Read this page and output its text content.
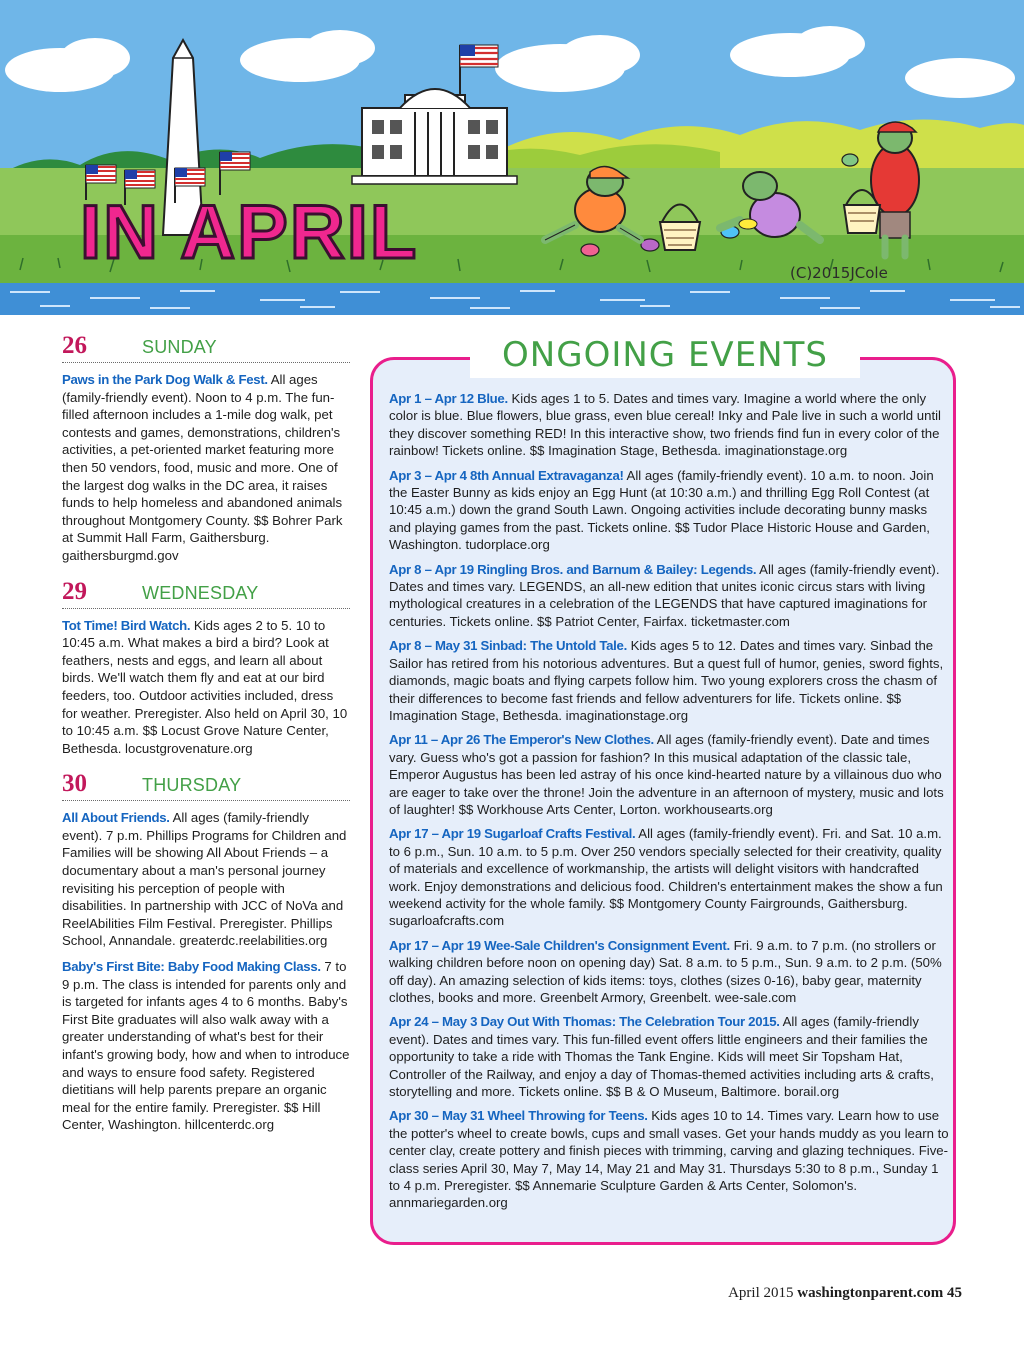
IN APRIL	(C)2015JCole
26	SUNDAY

Paws in the Park Dog Walk & Fest. All ages (family-friendly event). Noon to 4 p.m. The fun-filled afternoon includes a 1-mile dog walk, pet contests and games, demonstrations, children's activities, a pet-oriented market featuring more then 50 vendors, food, music and more. One of the largest dog walks in the DC area, it raises funds to help homeless and abandoned animals throughout Montgomery County. $$ Bohrer Park at Summit Hall Farm, Gaithersburg. gaithersburgmd.gov

29	WEDNESDAY

Tot Time! Bird Watch. Kids ages 2 to 5. 10 to 10:45 a.m. What makes a bird a bird? Look at feathers, nests and eggs, and learn all about birds. We'll watch them fly and eat at our bird feeders, too. Outdoor activities included, dress for weather. Preregister. Also held on April 30, 10 to 10:45 a.m. $$ Locust Grove Nature Center, Bethesda. locustgrovenature.org

30	THURSDAY

All About Friends. All ages (family-friendly event). 7 p.m. Phillips Programs for Children and Families will be showing All About Friends – a documentary about a man's personal journey revisiting his perception of people with disabilities. In partnership with JCC of NoVa and ReelAbilities Film Festival. Preregister. Phillips School, Annandale. greaterdc.reelabilities.org

Baby's First Bite: Baby Food Making Class. 7 to 9 p.m. The class is intended for parents only and is targeted for infants ages 4 to 6 months. Baby's First Bite graduates will also walk away with a greater understanding of what's best for their infant's growing body, how and when to introduce and ways to ensure food safety. Registered dietitians will help parents prepare an organic meal for the entire family. Preregister. $$ Hill Center, Washington. hillcenterdc.org

ONGOING EVENTS

Apr 1 – Apr 12 Blue. Kids ages 1 to 5. Dates and times vary. Imagine a world where the only color is blue. Blue flowers, blue grass, even blue cereal! Inky and Pale live in such a world until they discover something RED! In this interactive show, two friends find fun in every color of the rainbow! Tickets online. $$ Imagination Stage, Bethesda. imaginationstage.org

Apr 3 – Apr 4 8th Annual Extravaganza! All ages (family-friendly event). 10 a.m. to noon. Join the Easter Bunny as kids enjoy an Egg Hunt (at 10:30 a.m.) and thrilling Egg Roll Contest (at 10:45 a.m.) down the grand South Lawn. Ongoing activities include decorating bunny masks and playing games from the past. Tickets online. $$ Tudor Place Historic House and Garden, Washington. tudorplace.org

Apr 8 – Apr 19 Ringling Bros. and Barnum & Bailey: Legends. All ages (family-friendly event). Dates and times vary. LEGENDS, an all-new edition that unites iconic circus stars with living mythological creatures in a celebration of the LEGENDS that have captured imaginations for centuries. Tickets online. $$ Patriot Center, Fairfax. ticketmaster.com

Apr 8 – May 31 Sinbad: The Untold Tale. Kids ages 5 to 12. Dates and times vary. Sinbad the Sailor has retired from his notorious adventures. But a quest full of humor, genies, sword fights, diamonds, magic boats and flying carpets follow him. Two young explorers cross the chasm of their differences to become fast friends and fellow adventurers for life. Tickets online. $$ Imagination Stage, Bethesda. imaginationstage.org

Apr 11 – Apr 26 The Emperor's New Clothes. All ages (family-friendly event). Date and times vary. Guess who's got a passion for fashion? In this musical adaptation of the classic tale, Emperor Augustus has been led astray of his once kind-hearted nature by a villainous duo who are eager to take over the throne! Join the adventure in an afternoon of mystery, music and lots of laughter! $$ Workhouse Arts Center, Lorton. workhousearts.org

Apr 17 – Apr 19 Sugarloaf Crafts Festival. All ages (family-friendly event). Fri. and Sat. 10 a.m. to 6 p.m., Sun. 10 a.m. to 5 p.m. Over 250 vendors specially selected for their creativity, quality of materials and excellence of workmanship, the artists will delight visitors with handcrafted work. Enjoy demonstrations and delicious food. Children's entertainment makes the show a fun weekend activity for the whole family. $$ Montgomery County Fairgrounds, Gaithersburg. sugarloafcrafts.com

Apr 17 – Apr 19 Wee-Sale Children's Consignment Event. Fri. 9 a.m. to 7 p.m. (no strollers or walking children before noon on opening day) Sat. 8 a.m. to 5 p.m., Sun. 9 a.m. to 2 p.m. (50% off day). An amazing selection of kids items: toys, clothes (sizes 0-16), baby gear, maternity clothes, books and more. Greenbelt Armory, Greenbelt. wee-sale.com

Apr 24 – May 3 Day Out With Thomas: The Celebration Tour 2015. All ages (family-friendly event). Dates and times vary. This fun-filled event offers little engineers and their families the opportunity to take a ride with Thomas the Tank Engine. Kids will meet Sir Topsham Hat, Controller of the Railway, and enjoy a day of Thomas-themed activities including arts & crafts, storytelling and more. Tickets online. $$ B & O Museum, Baltimore. borail.org

Apr 30 – May 31 Wheel Throwing for Teens. Kids ages 10 to 14. Times vary. Learn how to use the potter's wheel to create bowls, cups and small vases. Get your hands muddy as you learn to center clay, create pottery and finish pieces with trimming, carving and glazing techniques. Five-class series April 30, May 7, May 14, May 21 and May 31. Thursdays 5:30 to 8 p.m., Sunday 1 to 4 p.m. Preregister. $$ Annemarie Sculpture Garden & Arts Center, Solomon's. annmariegarden.org

April 2015 washingtonparent.com 45
